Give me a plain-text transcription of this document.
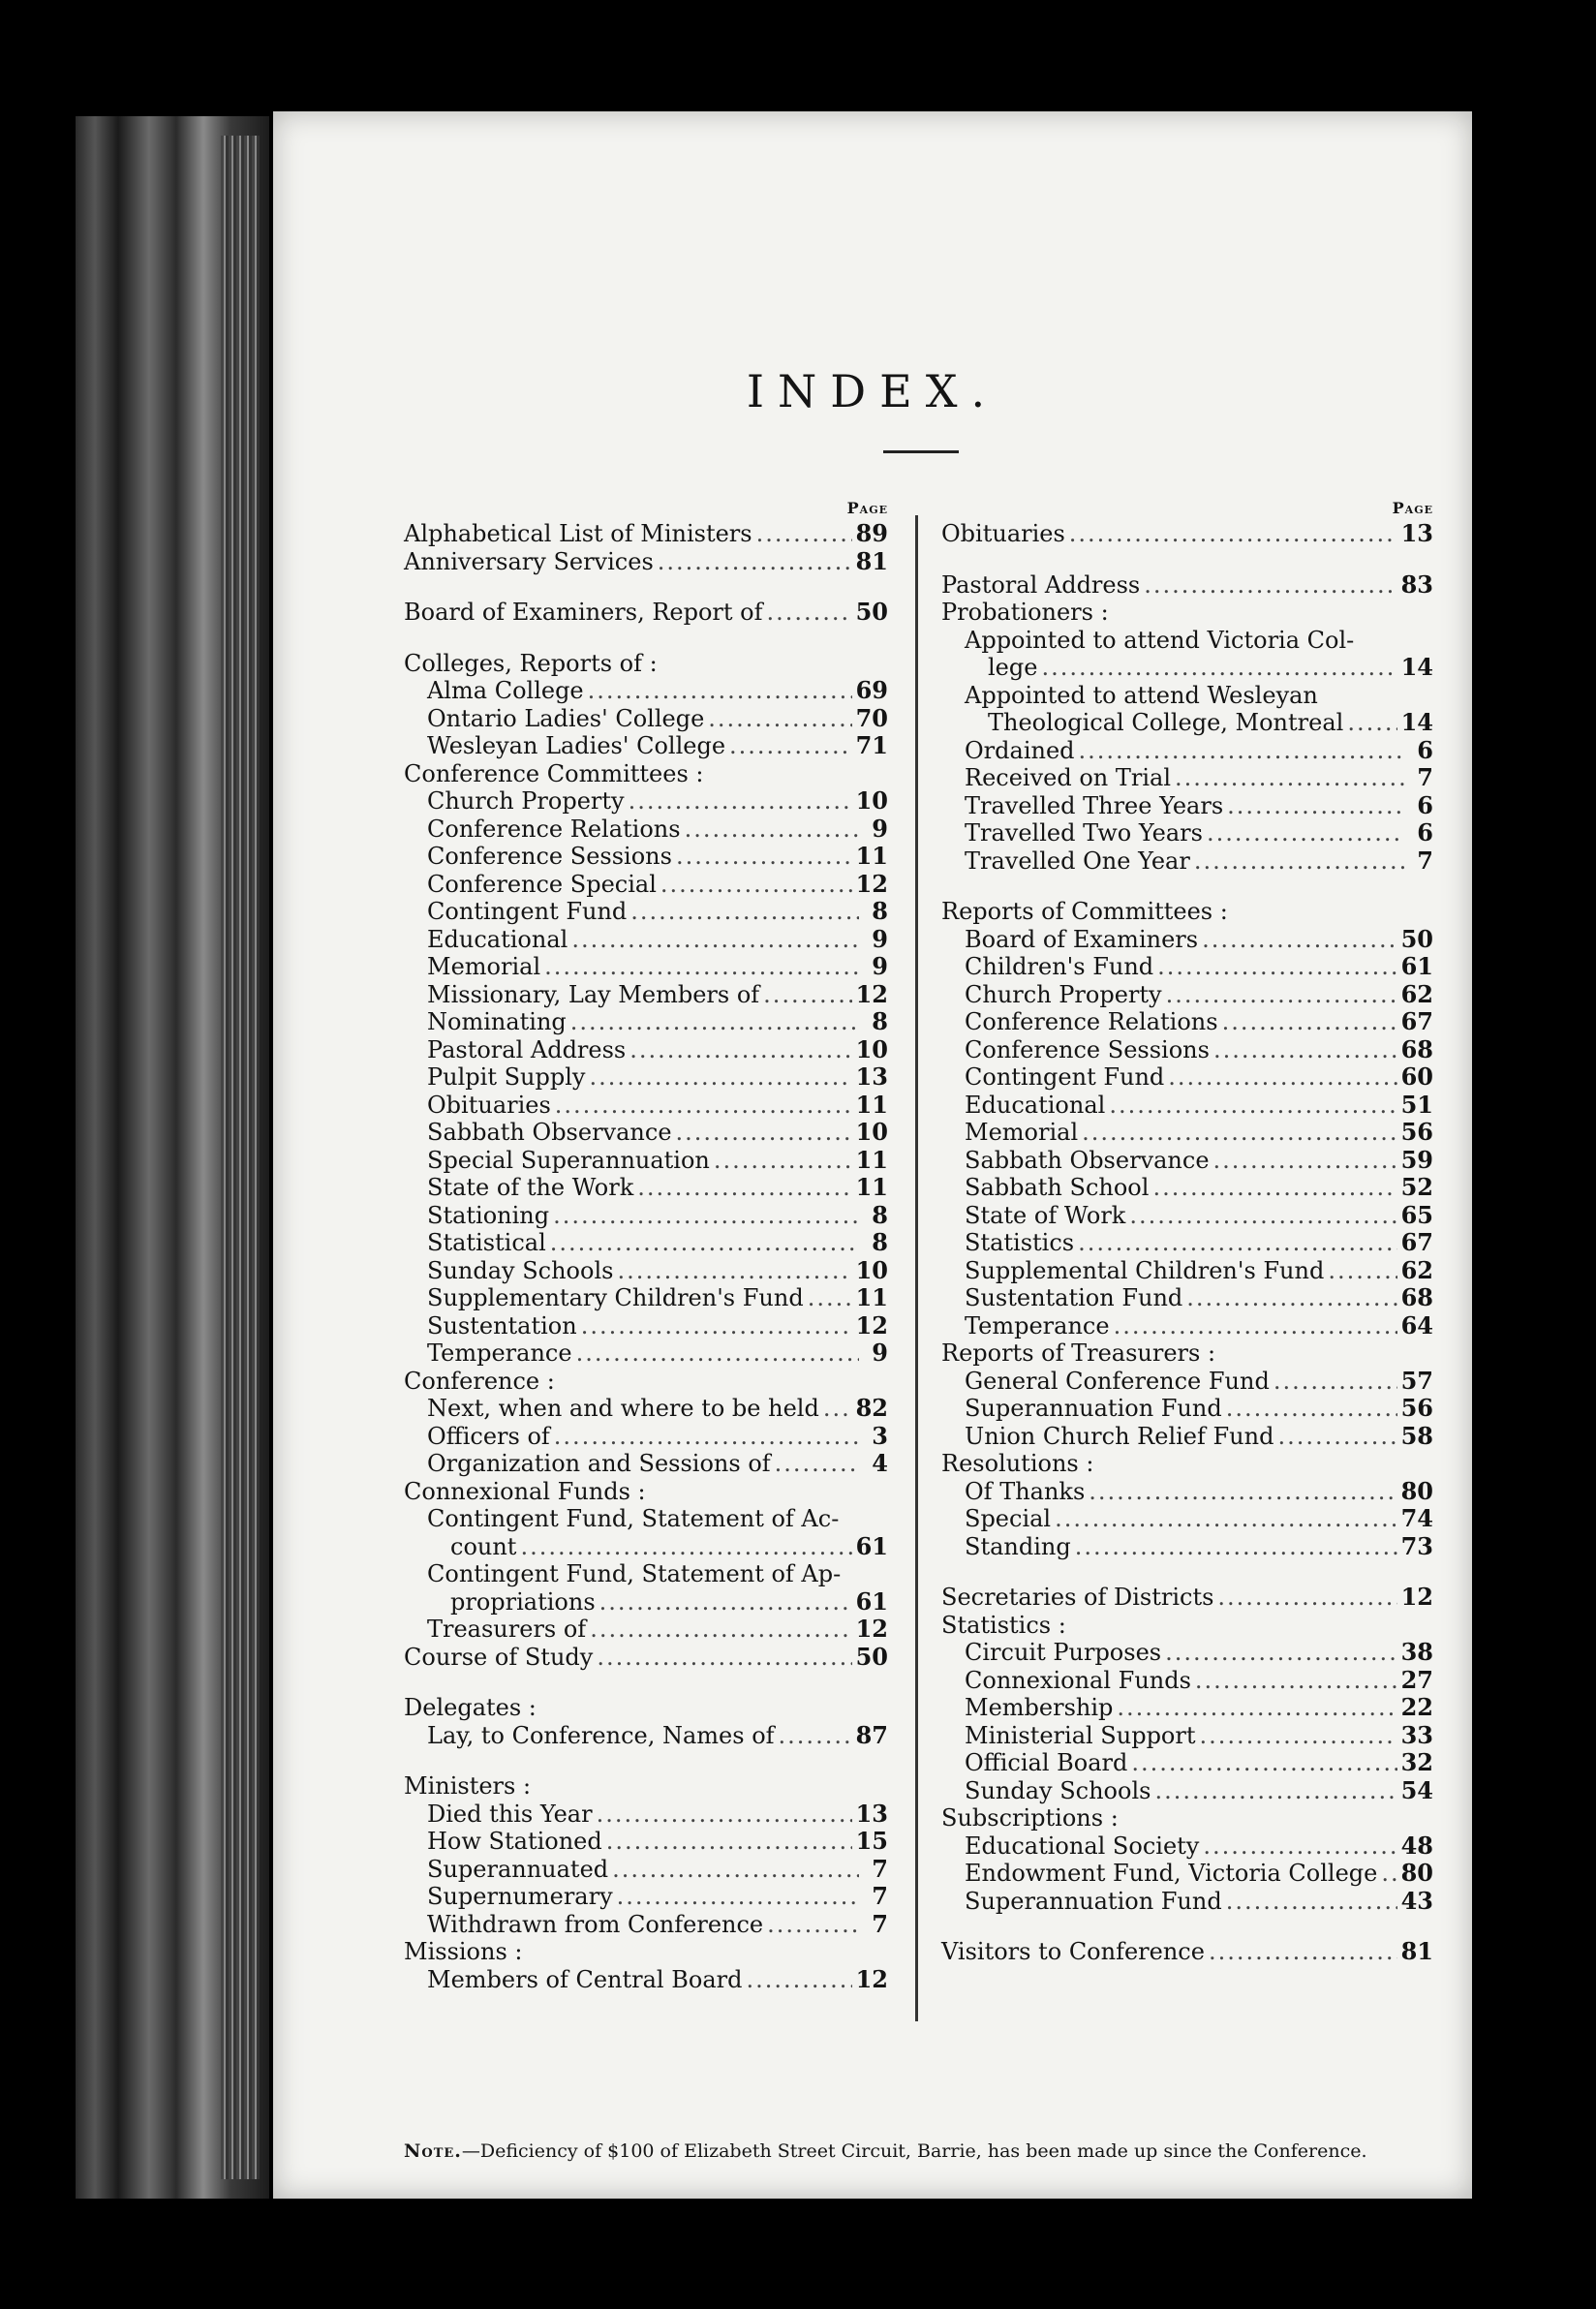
INDEX.
Page
Alphabetical List of Ministers .....	89
Anniversary Services .....	81
Board of Examiners, Report of .....	50
Colleges, Reports of :
Alma College .....	69
Ontario Ladies' College .....	70
Wesleyan Ladies' College .....	71
Conference Committees :
Church Property .....	10
Conference Relations .....	9
Conference Sessions .....	11
Conference Special .....	12
Contingent Fund .....	8
Educational .....	9
Memorial .....	9
Missionary, Lay Members of .....	12
Nominating .....	8
Pastoral Address .....	10
Pulpit Supply .....	13
Obituaries .....	11
Sabbath Observance .....	10
Special Superannuation .....	11
State of the Work .....	11
Stationing .....	8
Statistical .....	8
Sunday Schools .....	10
Supplementary Children's Fund ..... 11
Sustentation .....	12
Temperance .....	9
Conference :
Next, when and where to be held ..... 82
Officers of .....	3
Organization and Sessions of .....	4
Connexional Funds :
Contingent Fund, Statement of Ac-
count .....	61
Contingent Fund, Statement of Ap-
propriations .....	61
Treasurers of .....	12
Course of Study .....	50
Delegates :
Lay, to Conference, Names of .....	87
Ministers :
Died this Year .....	13
How Stationed .....	15
Superannuated .....	7
Supernumerary .....	7
Withdrawn from Conference .....	7
Missions :
Members of Central Board .....	12
Page
Obituaries .....	13
Pastoral Address .....	83
Probationers :
Appointed to attend Victoria Col-
lege .....	14
Appointed to attend Wesleyan
Theological College, Montreal ..... 14
Ordained .....	6
Received on Trial .....	7
Travelled Three Years .....	6
Travelled Two Years .....	6
Travelled One Year .....	7
Reports of Committees :
Board of Examiners .....	50
Children's Fund .....	61
Church Property .....	62
Conference Relations .....	67
Conference Sessions .....	68
Contingent Fund .....	60
Educational .....	51
Memorial .....	56
Sabbath Observance .....	59
Sabbath School .....	52
State of Work .....	65
Statistics .....	67
Supplemental Children's Fund .....	62
Sustentation Fund .....	68
Temperance .....	64
Reports of Treasurers :
General Conference Fund .....	57
Superannuation Fund .....	56
Union Church Relief Fund .....	58
Resolutions :
Of Thanks .....	80
Special .....	74
Standing .....	73
Secretaries of Districts .....	12
Statistics :
Circuit Purposes .....	38
Connexional Funds .....	27
Membership .....	22
Ministerial Support .....	33
Official Board .....	32
Sunday Schools .....	54
Subscriptions :
Educational Society .....	48
Endowment Fund, Victoria College ..... 80
Superannuation Fund .....	43
Visitors to Conference .....	81
Note.—Deficiency of $100 of Elizabeth Street Circuit, Barrie, has been made up since the Conference.
